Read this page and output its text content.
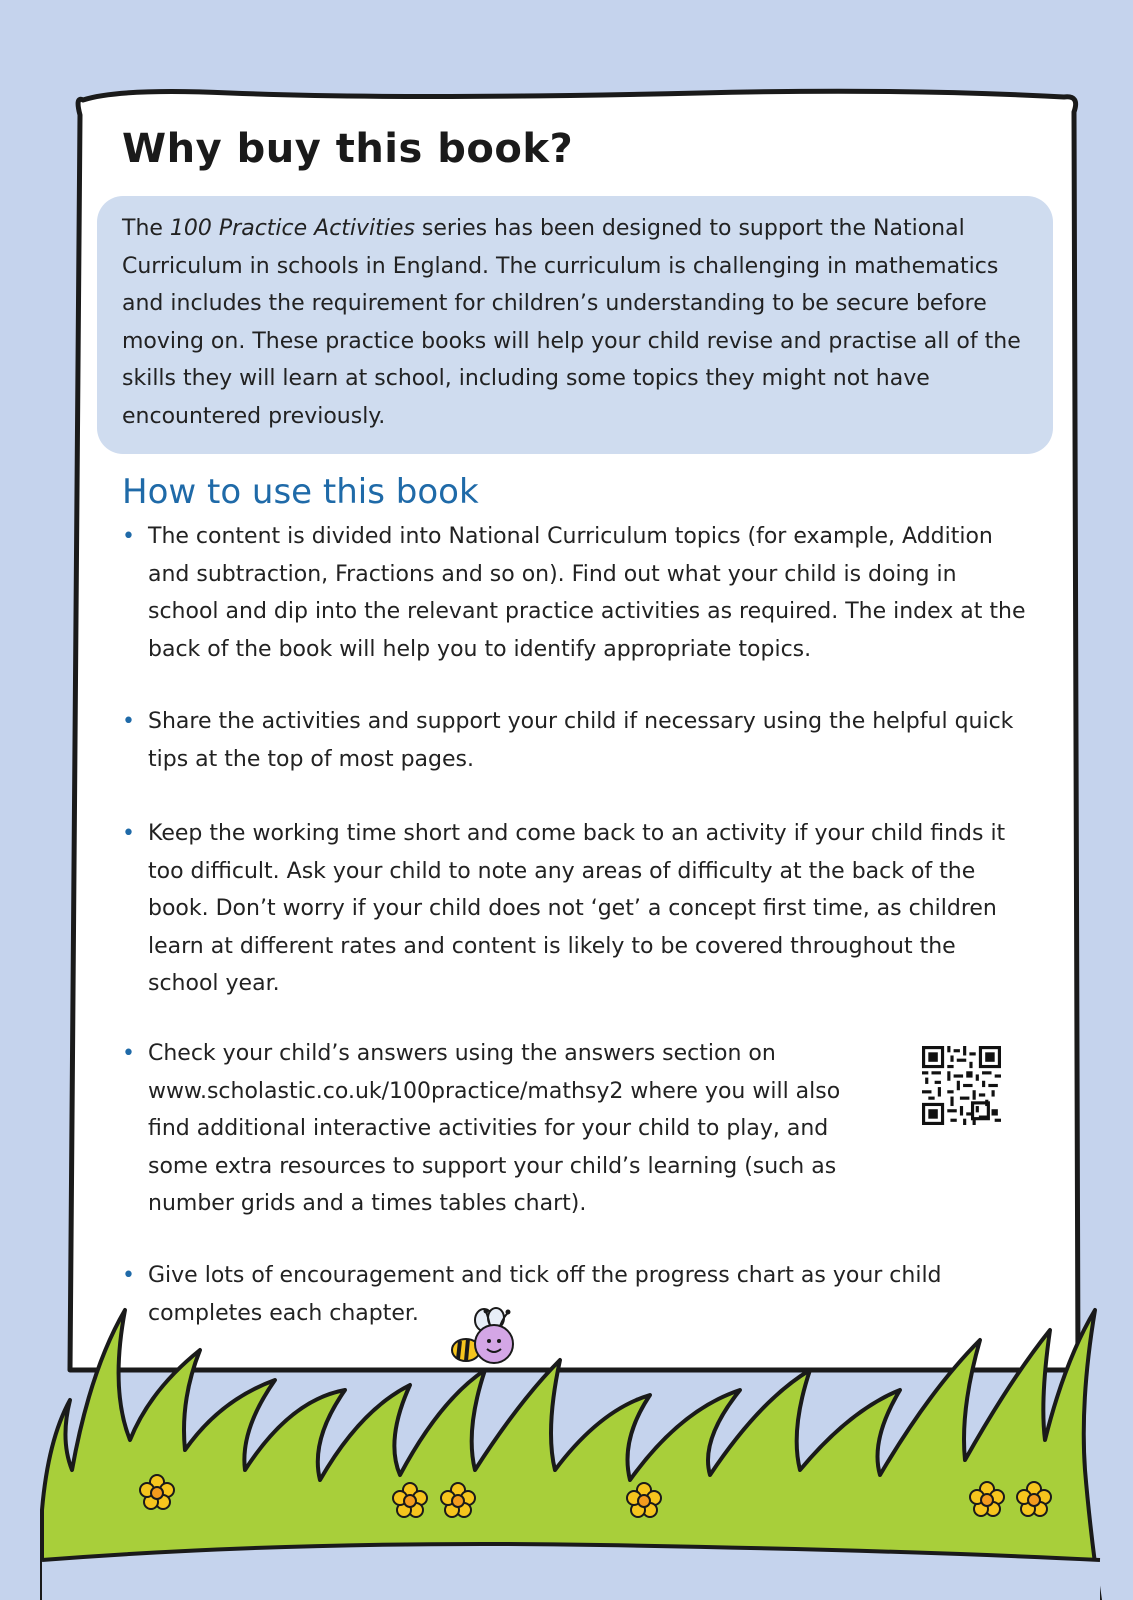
Why buy this book?

The 100 Practice Activities series has been designed to support the National Curriculum in schools in England. The curriculum is challenging in mathematics and includes the requirement for children’s understanding to be secure before moving on. These practice books will help your child revise and practise all of the skills they will learn at school, including some topics they might not have encountered previously.

How to use this book
• The content is divided into National Curriculum topics (for example, Addition and subtraction, Fractions and so on). Find out what your child is doing in school and dip into the relevant practice activities as required. The index at the back of the book will help you to identify appropriate topics.
• Share the activities and support your child if necessary using the helpful quick tips at the top of most pages.
• Keep the working time short and come back to an activity if your child finds it too difficult. Ask your child to note any areas of difficulty at the back of the book. Don’t worry if your child does not ‘get’ a concept first time, as children learn at different rates and content is likely to be covered throughout the school year.
• Check your child’s answers using the answers section on www.scholastic.co.uk/100practice/mathsy2 where you will also find additional interactive activities for your child to play, and some extra resources to support your child’s learning (such as number grids and a times tables chart).
• Give lots of encouragement and tick off the progress chart as your child completes each chapter.
